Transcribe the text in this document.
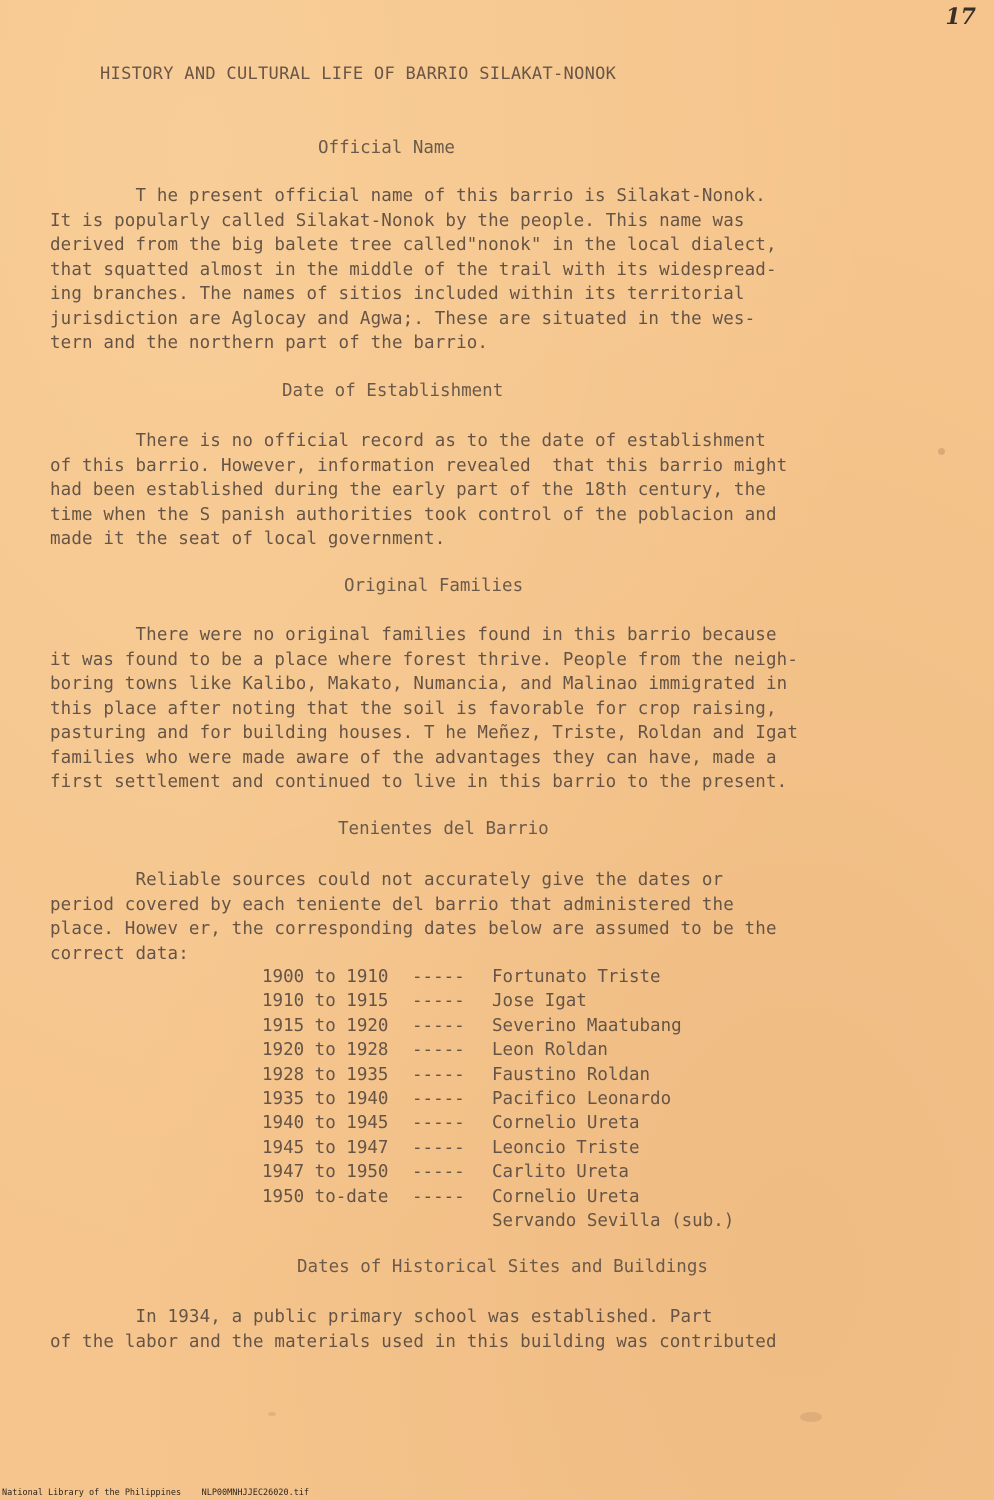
17
HISTORY AND CULTURAL LIFE OF BARRIO SILAKAT-NONOK
Official Name
T he present official name of this barrio is Silakat-Nonok.
It is popularly called Silakat-Nonok by the people. This name was
derived from the big balete tree called"nonok" in the local dialect,
that squatted almost in the middle of the trail with its widespread-
ing branches. The names of sitios included within its territorial
jurisdiction are Aglocay and Agwa;. These are situated in the wes-
tern and the northern part of the barrio.
Date of Establishment
There is no official record as to the date of establishment
of this barrio. However, information revealed  that this barrio might
had been established during the early part of the 18th century, the
time when the S panish authorities took control of the poblacion and
made it the seat of local government.
Original Families
There were no original families found in this barrio because
it was found to be a place where forest thrive. People from the neigh-
boring towns like Kalibo, Makato, Numancia, and Malinao immigrated in
this place after noting that the soil is favorable for crop raising,
pasturing and for building houses. T he Meñez, Triste, Roldan and Igat
families who were made aware of the advantages they can have, made a
first settlement and continued to live in this barrio to the present.
Tenientes del Barrio
Reliable sources could not accurately give the dates or
period covered by each teniente del barrio that administered the
place. Howev er, the corresponding dates below are assumed to be the
correct data:
1900 to 1910	-----	Fortunato Triste
1910 to 1915	-----	Jose Igat
1915 to 1920	-----	Severino Maatubang
1920 to 1928	-----	Leon Roldan
1928 to 1935	-----	Faustino Roldan
1935 to 1940	-----	Pacifico Leonardo
1940 to 1945	-----	Cornelio Ureta
1945 to 1947	-----	Leoncio Triste
1947 to 1950	-----	Carlito Ureta
1950 to-date	-----	Cornelio Ureta
Servando Sevilla (sub.)
Dates of Historical Sites and Buildings
In 1934, a public primary school was established. Part
of the labor and the materials used in this building was contributed
National Library of the Philippines    NLP00MNHJJEC26020.tif
